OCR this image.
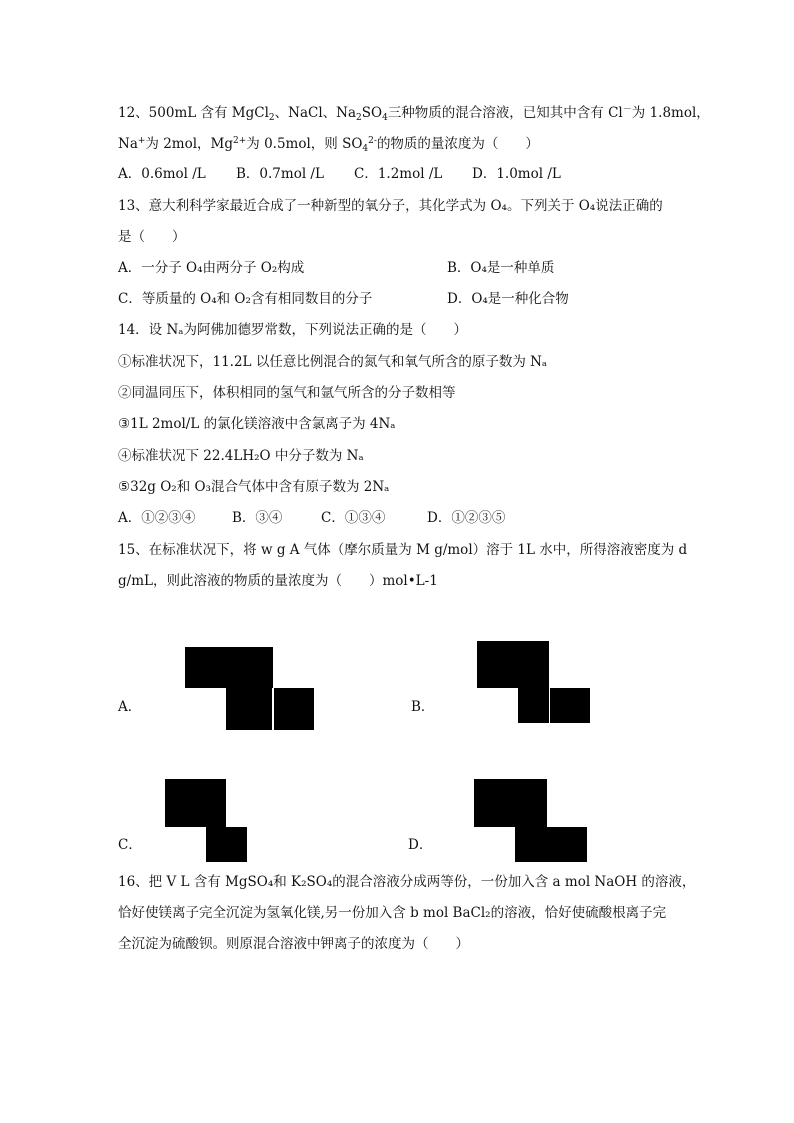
12、500mL 含有 MgCl$_2$、NaCl、$Na_2SO_4$三种物质的混合溶液，已知其中含有 Cl－为 1.8mol，
Na+为 2mol，$Mg^{2+}$为 0.5mol，则 $SO_4^{2-}$的物质的量浓度为（　　）
A．0.6mol /L B．0.7mol /L C．1.2mol /L D．1.0mol /L
13、意大利科学家最近合成了一种新型的氧分子，其化学式为 O₄。下列关于 O₄说法正确的
是（　　）
A．一分子 O₄由两分子 O₂构成	B．O₄是一种单质
C．等质量的 O₄和 O₂含有相同数目的分子	D．O₄是一种化合物
14．设 Nₐ为阿佛加德罗常数，下列说法正确的是（　　）
①标准状况下，11.2L 以任意比例混合的氮气和氧气所含的原子数为 Nₐ
②同温同压下，体积相同的氢气和氩气所含的分子数相等
③1L 2mol/L 的氯化镁溶液中含氯离子为 4Nₐ
④标准状况下 22.4LH₂O 中分子数为 Nₐ
⑤32g O₂和 O₃混合气体中含有原子数为 2Nₐ
A．①②③④	B．③④	C．①③④	D．①②③⑤
15、在标准状况下，将 w g A 气体（摩尔质量为 M g/mol）溶于 1L 水中，所得溶液密度为 d
g/mL，则此溶液的物质的量浓度为（　　）mol•L-1
A．	B．
C．	D．
16、把 V L 含有 MgSO₄和 K₂SO₄的混合溶液分成两等份，一份加入含 a mol NaOH 的溶液，
恰好使镁离子完全沉淀为氢氧化镁,另一份加入含 b mol BaCl₂的溶液，恰好使硫酸根离子完
全沉淀为硫酸钡。则原混合溶液中钾离子的浓度为（　　）
